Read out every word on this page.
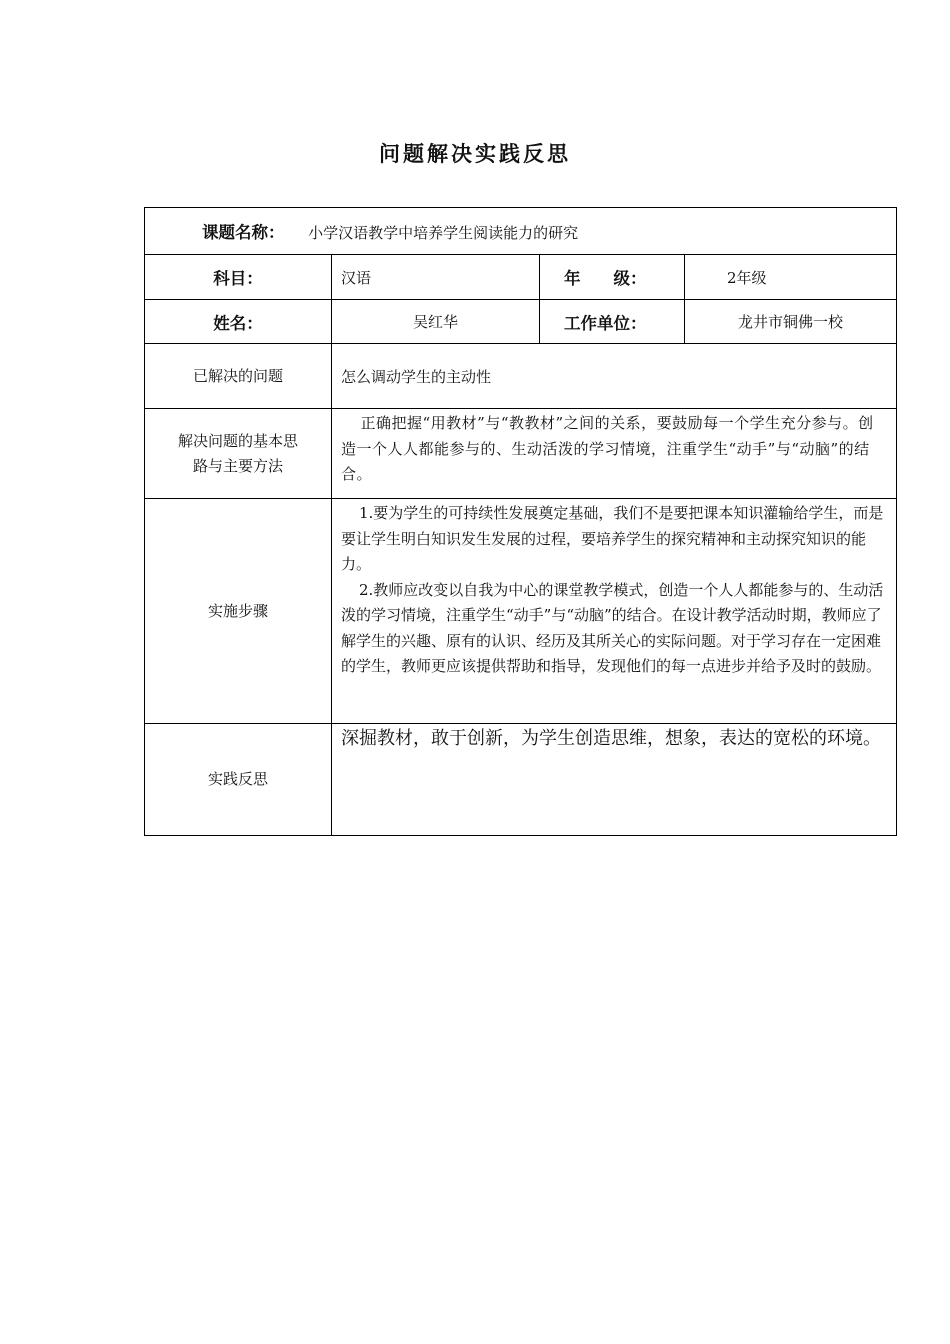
问题解决实践反思
课题名称： 小学汉语教学中培养学生阅读能力的研究			
科目：	汉语	年　　级：	2年级
姓名：	吴红华	工作单位：	龙井市铜佛一校
已解决的问题	怎么调动学生的主动性		

解决问题的基本思
路与主要方法	正确把握“用教材”与“教教材”之间的关系，要鼓励每一个学生充分参与。创造一个人人都能参与的、生动活泼的学习情境，注重学生“动手”与“动脑”的结合。		

实施步骤	1.要为学生的可持续性发展奠定基础，我们不是要把课本知识灌输给学生，而是要让学生明白知识发生发展的过程，要培养学生的探究精神和主动探究知识的能力。
2.教师应改变以自我为中心的课堂教学模式，创造一个人人都能参与的、生动活泼的学习情境，注重学生“动手”与“动脑”的结合。在设计教学活动时期，教师应了解学生的兴趣、原有的认识、经历及其所关心的实际问题。对于学习存在一定困难的学生，教师更应该提供帮助和指导，发现他们的每一点进步并给予及时的鼓励。		

实践反思	深掘教材，敢于创新，为学生创造思维，想象，表达的宽松的环境。		
